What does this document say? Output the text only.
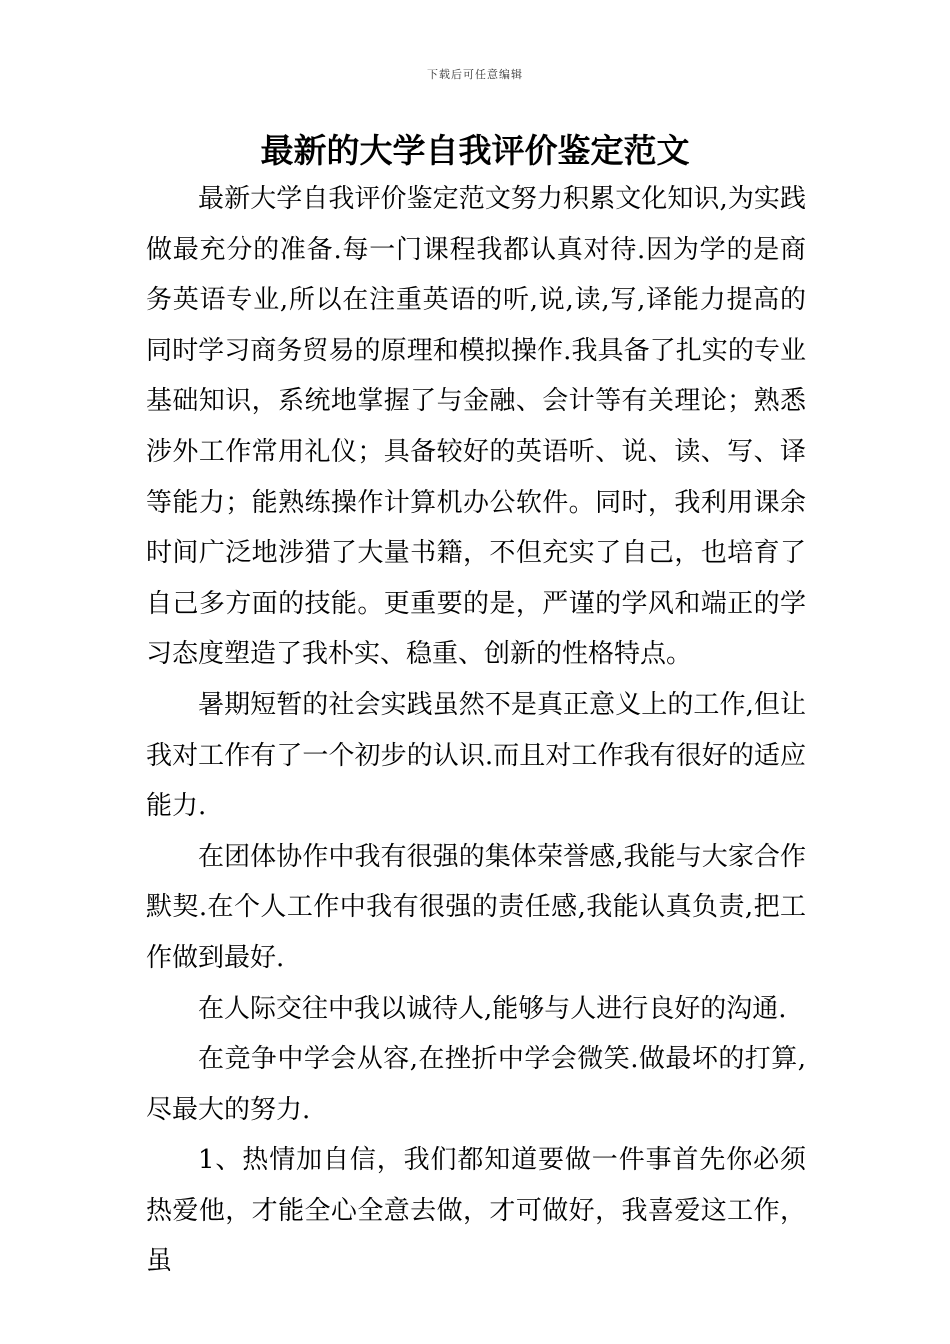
下载后可任意编辑
最新的大学自我评价鉴定范文

最新大学自我评价鉴定范文努力积累文化知识,为实践做最充分的准备.每一门课程我都认真对待.因为学的是商务英语专业,所以在注重英语的听,说,读,写,译能力提高的同时学习商务贸易的原理和模拟操作.我具备了扎实的专业基础知识，系统地掌握了与金融、会计等有关理论；熟悉涉外工作常用礼仪；具备较好的英语听、说、读、写、译等能力；能熟练操作计算机办公软件。同时，我利用课余时间广泛地涉猎了大量书籍，不但充实了自己，也培育了自己多方面的技能。更重要的是，严谨的学风和端正的学习态度塑造了我朴实、稳重、创新的性格特点。

暑期短暂的社会实践虽然不是真正意义上的工作,但让我对工作有了一个初步的认识.而且对工作我有很好的适应能力.

在团体协作中我有很强的集体荣誉感,我能与大家合作默契.在个人工作中我有很强的责任感,我能认真负责,把工作做到最好.

在人际交往中我以诚待人,能够与人进行良好的沟通.

在竞争中学会从容,在挫折中学会微笑.做最坏的打算,尽最大的努力.

1、热情加自信，我们都知道要做一件事首先你必须热爱他，才能全心全意去做，才可做好，我喜爱这工作，虽
